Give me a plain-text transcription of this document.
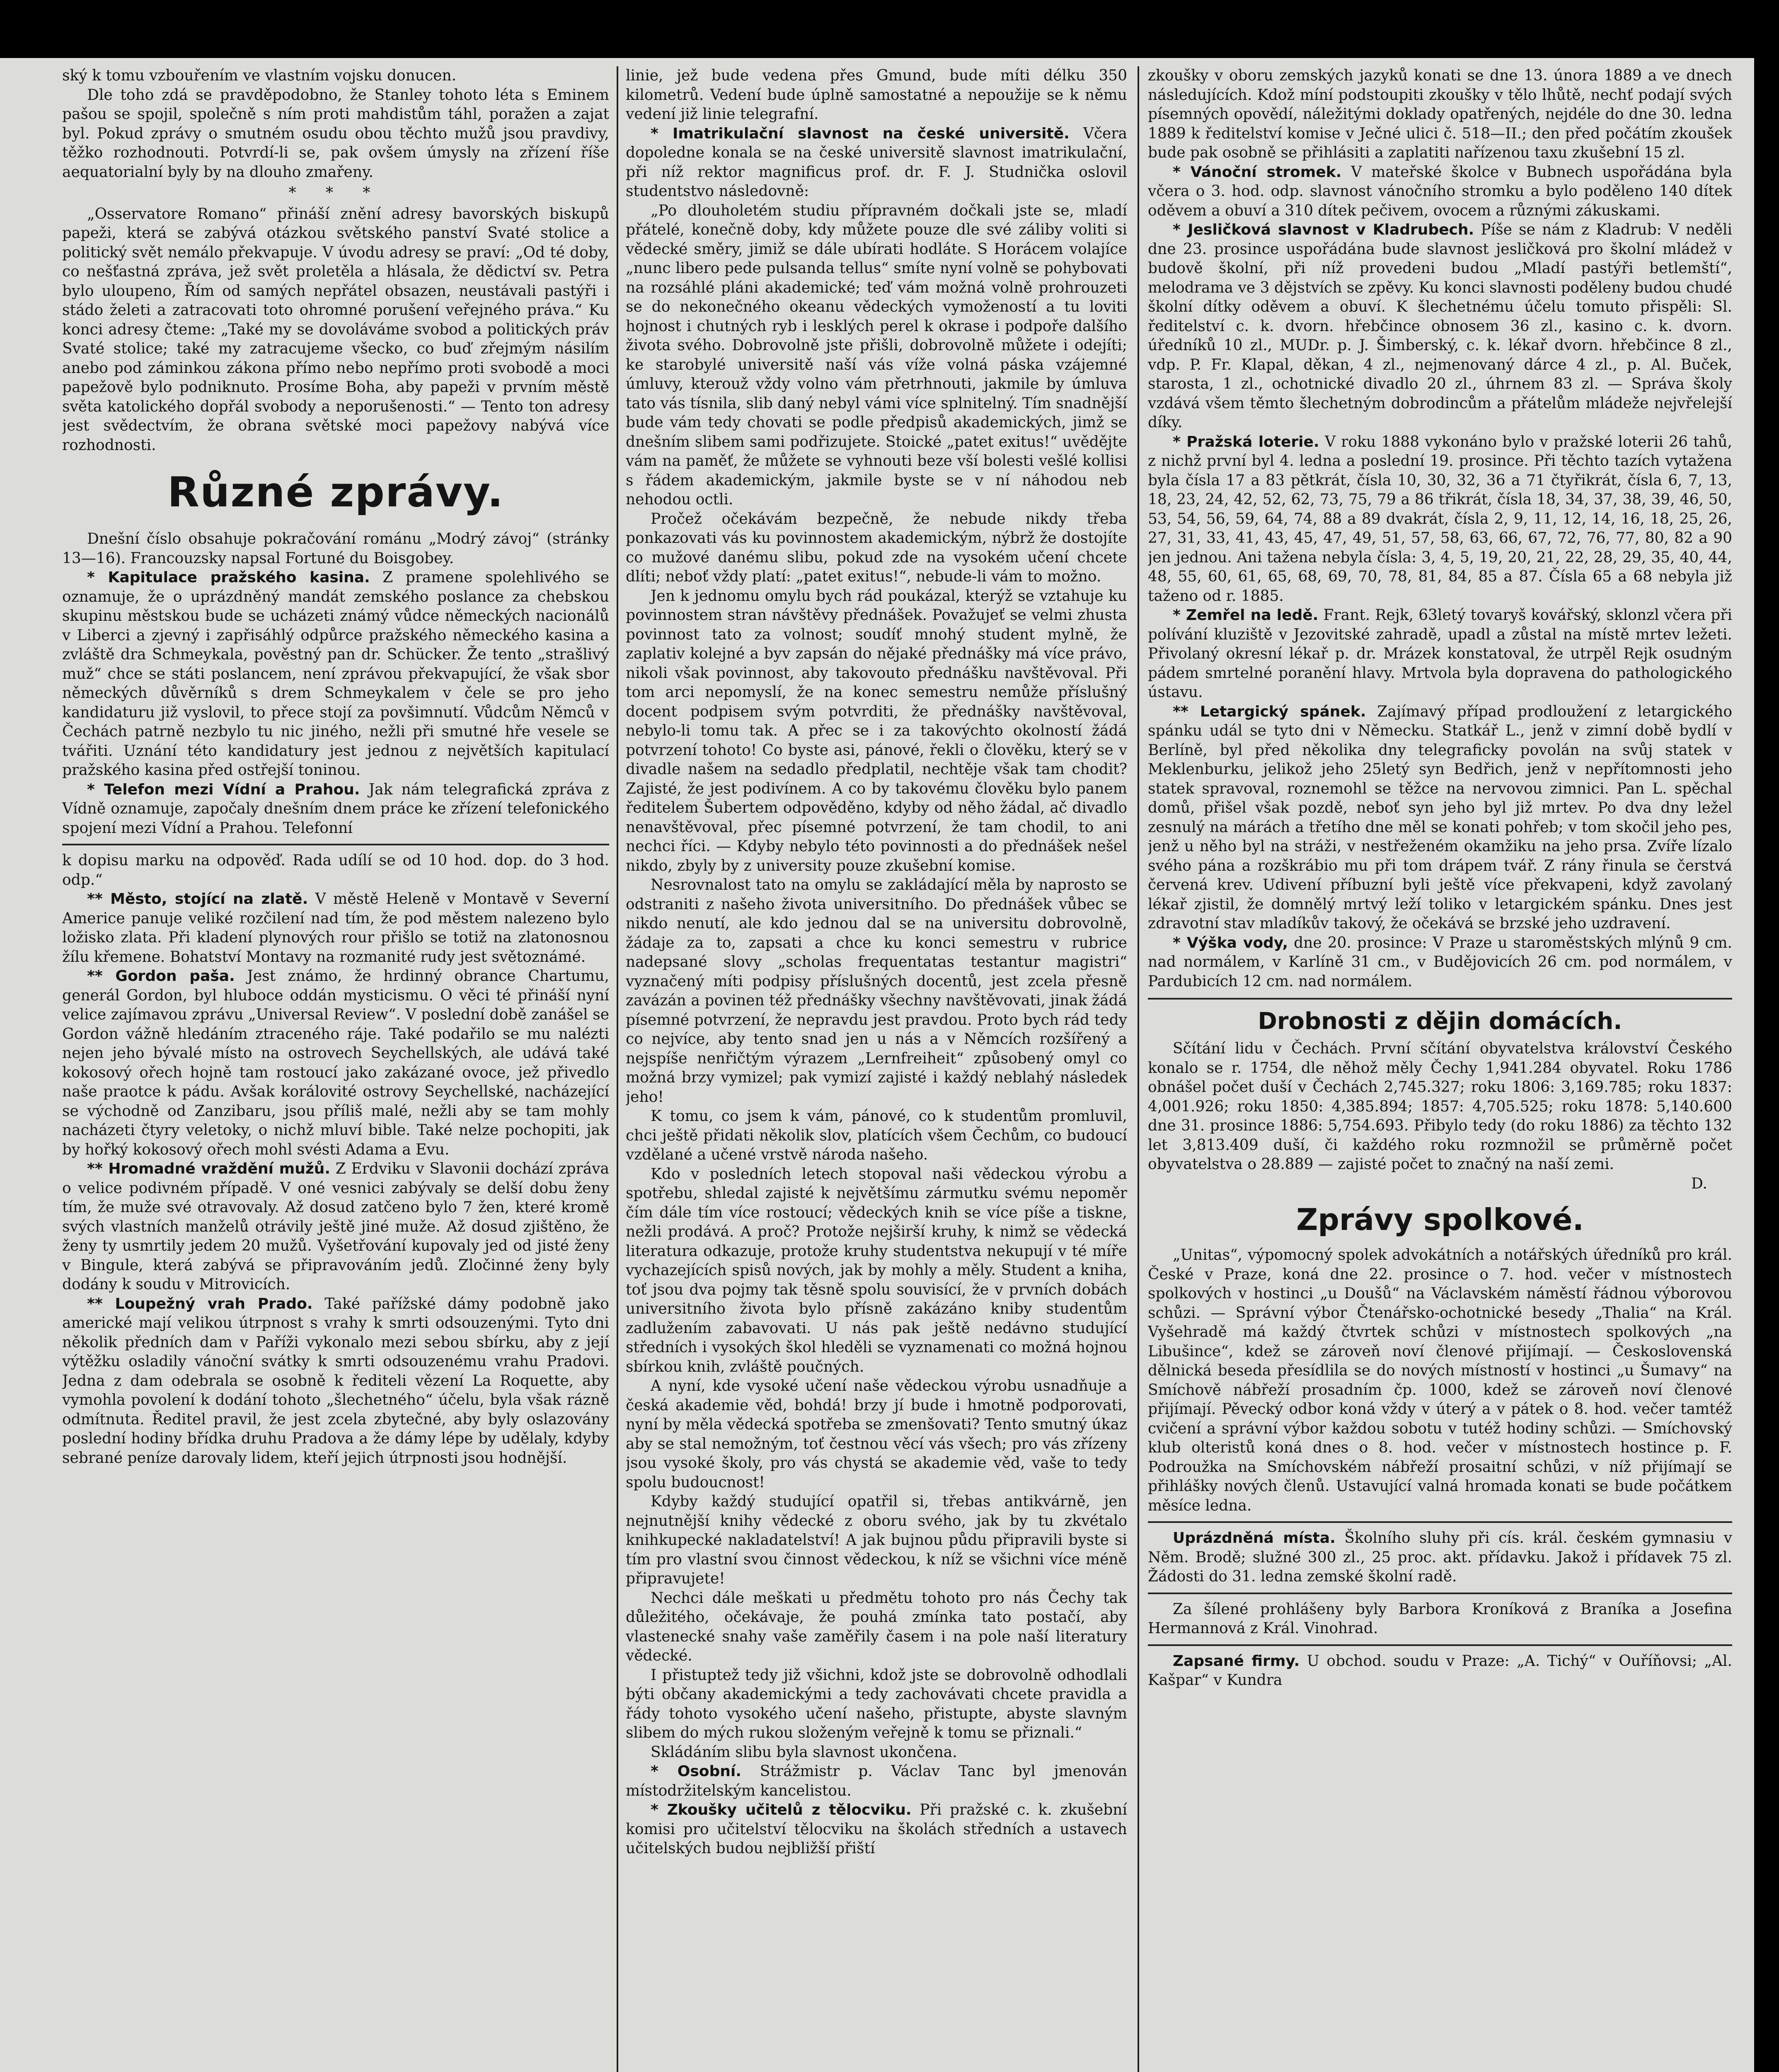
ský k tomu vzbouřením ve vlastním vojsku donucen.

Dle toho zdá se pravděpodobno, že Stanley tohoto léta s Eminem pašou se spojil, společně s ním proti mahdistům táhl, poražen a zajat byl. Pokud zprávy o smutném osudu obou těchto mužů jsou pravdivy, těžko rozhodnouti. Potvrdí-li se, pak ovšem úmysly na zřízení říše aequatorialní byly by na dlouho zmařeny.

* * *

„Osservatore Romano“ přináší znění adresy bavorských biskupů papeži, která se zabývá otázkou světského panství Svaté stolice a politický svět nemálo překvapuje. V úvodu adresy se praví: „Od té doby, co nešťastná zpráva, jež svět proletěla a hlásala, že dědictví sv. Petra bylo uloupeno, Řím od samých nepřátel obsazen, neustávali pastýři i stádo želeti a zatracovati toto ohromné porušení veřejného práva.“ Ku konci adresy čteme: „Také my se dovoláváme svobod a politických práv Svaté stolice; také my zatracujeme všecko, co buď zřejmým násilím anebo pod záminkou zákona přímo nebo nepřímo proti svobodě a moci papežově bylo podniknuto. Prosíme Boha, aby papeži v prvním městě světa katolického dopřál svobody a neporušenosti.“ — Tento ton adresy jest svědectvím, že obrana světské moci papežovy nabývá více rozhodnosti.

Různé zprávy.

Dnešní číslo obsahuje pokračování románu „Modrý závoj“ (stránky 13—16). Francouzsky napsal Fortuné du Boisgobey.

* Kapitulace pražského kasina. Z pramene spolehlivého se oznamuje, že o uprázdněný mandát zemského poslance za chebskou skupinu městskou bude se ucházeti známý vůdce německých nacionálů v Liberci a zjevný i zapřisáhlý odpůrce pražského německého kasina a zvláště dra Schmeykala, pověstný pan dr. Schücker. Že tento „strašlivý muž“ chce se státi poslancem, není zprávou překvapující, že však sbor německých důvěrníků s drem Schmeykalem v čele se pro jeho kandidaturu již vyslovil, to přece stojí za povšimnutí. Vůdcům Němců v Čechách patrně nezbylo tu nic jiného, nežli při smutné hře vesele se tvářiti. Uznání této kandidatury jest jednou z největších kapitulací pražského kasina před ostřejší toninou.

* Telefon mezi Vídní a Prahou. Jak nám telegrafická zpráva z Vídně oznamuje, započaly dnešním dnem práce ke zřízení telefonického spojení mezi Vídní a Prahou. Telefonní

k dopisu marku na odpověď. Rada udílí se od 10 hod. dop. do 3 hod. odp.“

** Město, stojící na zlatě. V městě Heleně v Montavě v Severní Americe panuje veliké rozčilení nad tím, že pod městem nalezeno bylo ložisko zlata. Při kladení plynových rour přišlo se totiž na zlatonosnou žílu křemene. Bohatství Montavy na rozmanité rudy jest světoznámé.

** Gordon paša. Jest známo, že hrdinný obrance Chartumu, generál Gordon, byl hluboce oddán mysticismu. O věci té přináší nyní velice zajímavou zprávu „Universal Review“. V poslední době zanášel se Gordon vážně hledáním ztraceného ráje. Také podařilo se mu nalézti nejen jeho bývalé místo na ostrovech Seychellských, ale udává také kokosový ořech hojně tam rostoucí jako zakázané ovoce, jež přivedlo naše praotce k pádu. Avšak korálovité ostrovy Seychellské, nacházející se východně od Zanzibaru, jsou příliš malé, nežli aby se tam mohly nacházeti čtyry veletoky, o nichž mluví bible. Také nelze pochopiti, jak by hořký kokosový ořech mohl svésti Adama a Evu.

** Hromadné vraždění mužů. Z Erdviku v Slavonii dochází zpráva o velice podivném případě. V oné vesnici zabývaly se delší dobu ženy tím, že muže své otravovaly. Až dosud zatčeno bylo 7 žen, které kromě svých vlastních manželů otrávily ještě jiné muže. Až dosud zjištěno, že ženy ty usmrtily jedem 20 mužů. Vyšetřování kupovaly jed od jisté ženy v Bingule, která zabývá se připravováním jedů. Zločinné ženy byly dodány k soudu v Mitrovicích.

** Loupežný vrah Prado. Také pařížské dámy podobně jako americké mají velikou útrpnost s vrahy k smrti odsouzenými. Tyto dni několik předních dam v Paříži vykonalo mezi sebou sbírku, aby z její výtěžku osladily vánoční svátky k smrti odsouzenému vrahu Pradovi. Jedna z dam odebrala se osobně k řediteli vězení La Roquette, aby vymohla povolení k dodání tohoto „šlechetného“ účelu, byla však rázně odmítnuta. Ředitel pravil, že jest zcela zbytečné, aby byly oslazovány poslední hodiny břídka druhu Pradova a že dámy lépe by udělaly, kdyby sebrané peníze darovaly lidem, kteří jejich útrpnosti jsou hodnější.

linie, jež bude vedena přes Gmund, bude míti délku 350 kilometrů. Vedení bude úplně samostatné a nepoužije se k němu vedení již linie telegrafní.

* Imatrikulační slavnost na české universitě. Včera dopoledne konala se na české universitě slavnost imatrikulační, při níž rektor magnificus prof. dr. F. J. Studnička oslovil studentstvo následovně:

„Po dlouholetém studiu přípravném dočkali jste se, mladí přátelé, konečně doby, kdy můžete pouze dle své záliby voliti si vědecké směry, jimiž se dále ubírati hodláte. S Horácem volajíce „nunc libero pede pulsanda tellus“ smíte nyní volně se pohybovati na rozsáhlé pláni akademické; teď vám možná volně prohrouzeti se do nekonečného okeanu vědeckých vymožeností a tu loviti hojnost i chutných ryb i lesklých perel k okrase i podpoře dalšího života svého. Dobrovolně jste přišli, dobrovolně můžete i odejíti; ke starobylé universitě naší vás víže volná páska vzájemné úmluvy, kterouž vždy volno vám přetrhnouti, jakmile by úmluva tato vás tísnila, slib daný nebyl vámi více splnitelný. Tím snadnější bude vám tedy chovati se podle předpisů akademických, jimž se dnešním slibem sami podřizujete. Stoické „patet exitus!“ uvědějte vám na paměť, že můžete se vyhnouti beze vší bolesti vešlé kollisi s řádem akademickým, jakmile byste se v ní náhodou neb nehodou octli.

Pročež očekávám bezpečně, že nebude nikdy třeba ponkazovati vás ku povinnostem akademickým, nýbrž že dostojíte co mužové danému slibu, pokud zde na vysokém učení chcete dlíti; neboť vždy platí: „patet exitus!“, nebude-li vám to možno.

Jen k jednomu omylu bych rád poukázal, kterýž se vztahuje ku povinnostem stran návštěvy přednášek. Považujeť se velmi zhusta povinnost tato za volnost; soudíť mnohý student mylně, že zaplativ kolejné a byv zapsán do nějaké přednášky má více právo, nikoli však povinnost, aby takovouto přednášku navštěvoval. Při tom arci nepomyslí, že na konec semestru nemůže příslušný docent podpisem svým potvrditi, že přednášky navštěvoval, nebylo-li tomu tak. A přec se i za takovýchto okolností žádá potvrzení tohoto! Co byste asi, pánové, řekli o člověku, který se v divadle našem na sedadlo předplatil, nechtěje však tam chodit? Zajisté, že jest podivínem. A co by takovému člověku bylo panem ředitelem Šubertem odpověděno, kdyby od něho žádal, ač divadlo nenavštěvoval, přec písemné potvrzení, že tam chodil, to ani nechci říci. — Kdyby nebylo této povinnosti a do přednášek nešel nikdo, zbyly by z university pouze zkušební komise.

Nesrovnalost tato na omylu se zakládající měla by naprosto se odstraniti z našeho života universitního. Do přednášek vůbec se nikdo nenutí, ale kdo jednou dal se na universitu dobrovolně, žádaje za to, zapsati a chce ku konci semestru v rubrice nadepsané slovy „scholas frequentatas testantur magistri“ vyznačený míti podpisy příslušných docentů, jest zcela přesně zavázán a povinen též přednášky všechny navštěvovati, jinak žádá písemné potvrzení, že nepravdu jest pravdou. Proto bych rád tedy co nejvíce, aby tento snad jen u nás a v Němcích rozšířený a nejspíše nenřičtým výrazem „Lernfreiheit“ způsobený omyl co možná brzy vymizel; pak vymizí zajisté i každý neblahý následek jeho!

K tomu, co jsem k vám, pánové, co k studentům promluvil, chci ještě přidati několik slov, platících všem Čechům, co budoucí vzdělané a učené vrstvě národa našeho.

Kdo v posledních letech stopoval naši vědeckou výrobu a spotřebu, shledal zajisté k největšímu zármutku svému nepoměr čím dále tím více rostoucí; vědeckých knih se více píše a tiskne, nežli prodává. A proč? Protože nejširší kruhy, k nimž se vědecká literatura odkazuje, protože kruhy studentstva nekupují v té míře vychazejících spisů nových, jak by mohly a měly. Student a kniha, toť jsou dva pojmy tak těsně spolu souvisící, že v prvních dobách universitního života bylo přísně zakázáno kniby studentům zadlužením zabavovati. U nás pak ještě nedávno studující středních i vysokých škol hleděli se vyznamenati co možná hojnou sbírkou knih, zvláště poučných.

A nyní, kde vysoké učení naše vědeckou výrobu usnadňuje a česká akademie věd, bohdá! brzy jí bude i hmotně podporovati, nyní by měla vědecká spotřeba se zmenšovati? Tento smutný úkaz aby se stal nemožným, toť čestnou věcí vás všech; pro vás zřízeny jsou vysoké školy, pro vás chystá se akademie věd, vaše to tedy spolu budoucnost!

Kdyby každý studující opatřil si, třebas antikvárně, jen nejnutnější knihy vědecké z oboru svého, jak by tu zkvétalo knihkupecké nakladatelství! A jak bujnou půdu připravili byste si tím pro vlastní svou činnost vědeckou, k níž se všichni více méně připravujete!

Nechci dále meškati u předmětu tohoto pro nás Čechy tak důležitého, očekávaje, že pouhá zmínka tato postačí, aby vlastenecké snahy vaše zaměřily časem i na pole naší literatury vědecké.

I přistuptež tedy již všichni, kdož jste se dobrovolně odhodlali býti občany akademickými a tedy zachovávati chcete pravidla a řády tohoto vysokého učení našeho, přistupte, abyste slavným slibem do mých rukou složeným veřejně k tomu se přiznali.“

Skládáním slibu byla slavnost ukončena.

* Osobní. Strážmistr p. Václav Tanc byl jmenován místodržitelským kancelistou.

* Zkoušky učitelů z tělocviku. Při pražské c. k. zkušební komisi pro učitelství tělocviku na školách středních a ustavech učitelských budou nejbližší přiští

zkoušky v oboru zemských jazyků konati se dne 13. února 1889 a ve dnech následujících. Kdož míní podstoupiti zkoušky v tělo lhůtě, nechť podají svých písemných opovědí, náležitými doklady opatřených, nejdéle do dne 30. ledna 1889 k ředitelství komise v Ječné ulici č. 518—II.; den před počátím zkoušek bude pak osobně se přihlásiti a zaplatiti nařízenou taxu zkušební 15 zl.

* Vánoční stromek. V mateřské školce v Bubnech uspořádána byla včera o 3. hod. odp. slavnost vánočního stromku a bylo poděleno 140 dítek oděvem a obuví a 310 dítek pečivem, ovocem a různými zákuskami.

* Jesličková slavnost v Kladrubech. Píše se nám z Kladrub: V neděli dne 23. prosince uspořádána bude slavnost jesličková pro školní mládež v budově školní, při níž provedeni budou „Mladí pastýři betlemští“, melodrama ve 3 dějstvích se zpěvy. Ku konci slavnosti poděleny budou chudé školní dítky oděvem a obuví. K šlechetnému účelu tomuto přispěli: Sl. ředitelství c. k. dvorn. hřebčince obnosem 36 zl., kasino c. k. dvorn. úředníků 10 zl., MUDr. p. J. Šimberský, c. k. lékař dvorn. hřebčince 8 zl., vdp. P. Fr. Klapal, děkan, 4 zl., nejmenovaný dárce 4 zl., p. Al. Buček, starosta, 1 zl., ochotnické divadlo 20 zl., úhrnem 83 zl. — Správa školy vzdává všem těmto šlechetným dobrodincům a přátelům mládeže nejvřelejší díky.

* Pražská loterie. V roku 1888 vykonáno bylo v pražské loterii 26 tahů, z nichž první byl 4. ledna a poslední 19. prosince. Při těchto tazích vytažena byla čísla 17 a 83 pětkrát, čísla 10, 30, 32, 36 a 71 čtyřikrát, čísla 6, 7, 13, 18, 23, 24, 42, 52, 62, 73, 75, 79 a 86 třikrát, čísla 18, 34, 37, 38, 39, 46, 50, 53, 54, 56, 59, 64, 74, 88 a 89 dvakrát, čísla 2, 9, 11, 12, 14, 16, 18, 25, 26, 27, 31, 33, 41, 43, 45, 47, 49, 51, 57, 58, 63, 66, 67, 72, 76, 77, 80, 82 a 90 jen jednou. Ani tažena nebyla čísla: 3, 4, 5, 19, 20, 21, 22, 28, 29, 35, 40, 44, 48, 55, 60, 61, 65, 68, 69, 70, 78, 81, 84, 85 a 87. Čísla 65 a 68 nebyla již taženo od r. 1885.

* Zemřel na ledě. Frant. Rejk, 63letý tovaryš kovářský, sklonzl včera při polívání kluziště v Jezovitské zahradě, upadl a zůstal na místě mrtev ležeti. Přivolaný okresní lékař p. dr. Mrázek konstatoval, že utrpěl Rejk osudným pádem smrtelné poranění hlavy. Mrtvola byla dopravena do pathologického ústavu.

** Letargický spánek. Zajímavý případ prodloužení z letargického spánku udál se tyto dni v Německu. Statkář L., jenž v zimní době bydlí v Berlíně, byl před několika dny telegraficky povolán na svůj statek v Meklenburku, jelikož jeho 25letý syn Bedřich, jenž v nepřítomnosti jeho statek spravoval, roznemohl se těžce na nervovou zimnici. Pan L. spěchal domů, přišel však pozdě, neboť syn jeho byl již mrtev. Po dva dny ležel zesnulý na márách a třetího dne měl se konati pohřeb; v tom skočil jeho pes, jenž u něho byl na stráži, v nestřeženém okamžiku na jeho prsa. Zvíře lízalo svého pána a rozškrábio mu při tom drápem tvář. Z rány řinula se čerstvá červená krev. Udivení příbuzní byli ještě více překvapeni, když zavolaný lékař zjistil, že domnělý mrtvý leží toliko v letargickém spánku. Dnes jest zdravotní stav mladíkův takový, že očekává se brzské jeho uzdravení.

* Výška vody, dne 20. prosince: V Praze u staroměstských mlýnů 9 cm. nad normálem, v Karlíně 31 cm., v Budějovicích 26 cm. pod normálem, v Pardubicích 12 cm. nad normálem.

Drobnosti z dějin domácích.

Sčítání lidu v Čechách. První sčítání obyvatelstva království Českého konalo se r. 1754, dle něhož měly Čechy 1,941.284 obyvatel. Roku 1786 obnášel počet duší v Čechách 2,745.327; roku 1806: 3,169.785; roku 1837: 4,001.926; roku 1850: 4,385.894; 1857: 4,705.525; roku 1878: 5,140.600 dne 31. prosince 1886: 5,754.693. Přibylo tedy (do roku 1886) za těchto 132 let 3,813.409 duší, či každého roku rozmnožil se průměrně počet obyvatelstva o 28.889 — zajisté počet to značný na naší zemi.

D.
Zprávy spolkové.

„Unitas“, výpomocný spolek advokátních a notářských úředníků pro král. České v Praze, koná dne 22. prosince o 7. hod. večer v místnostech spolkových v hostinci „u Doušů“ na Václavském náměstí řádnou výborovou schůzi. — Správní výbor Čtenářsko-ochotnické besedy „Thalia“ na Král. Vyšehradě má každý čtvrtek schůzi v místnostech spolkových „na Libušince“, kdež se zároveň noví členové přijímají. — Československá dělnická beseda přesídlila se do nových místností v hostinci „u Šumavy“ na Smíchově nábřeží prosadním čp. 1000, kdež se zároveň noví členové přijímají. Pěvecký odbor koná vždy v úterý a v pátek o 8. hod. večer tamtéž cvičení a správní výbor každou sobotu v tutéž hodiny schůzi. — Smíchovský klub olteristů koná dnes o 8. hod. večer v místnostech hostince p. F. Podroužka na Smíchovském nábřeží prosaitní schůzi, v níž přijímají se přihlášky nových členů. Ustavující valná hromada konati se bude počátkem měsíce ledna.

Uprázdněná místa. Školního sluhy při cís. král. českém gymnasiu v Něm. Brodě; služné 300 zl., 25 proc. akt. přídavku. Jakož i přídavek 75 zl. Žádosti do 31. ledna zemské školní radě.

Za šílené prohlášeny byly Barbora Kroníková z Braníka a Josefina Hermannová z Král. Vinohrad.

Zapsané firmy. U obchod. soudu v Praze: „A. Tichý“ v Ouříňovsi; „Al. Kašpar“ v Kundra
